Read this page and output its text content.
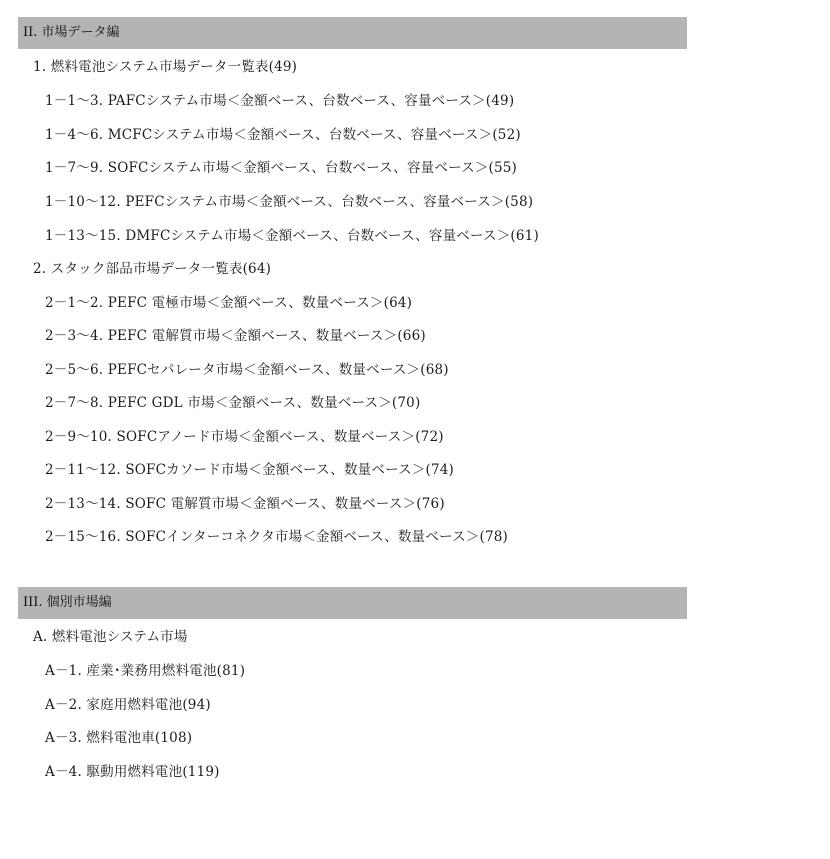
II. 市場データ編
1. 燃料電池システム市場データ一覧表(49)
1－1～3. PAFCシステム市場＜金額ベース、台数ベース、容量ベース＞(49)
1－4～6. MCFCシステム市場＜金額ベース、台数ベース、容量ベース＞(52)
1－7～9. SOFCシステム市場＜金額ベース、台数ベース、容量ベース＞(55)
1－10～12. PEFCシステム市場＜金額ベース、台数ベース、容量ベース＞(58)
1－13～15. DMFCシステム市場＜金額ベース、台数ベース、容量ベース＞(61)
2. スタック部品市場データ一覧表(64)
2－1～2. PEFC 電極市場＜金額ベース、数量ベース＞(64)
2－3～4. PEFC 電解質市場＜金額ベース、数量ベース＞(66)
2－5～6. PEFCセパレータ市場＜金額ベース、数量ベース＞(68)
2－7～8. PEFC GDL 市場＜金額ベース、数量ベース＞(70)
2－9～10. SOFCアノード市場＜金額ベース、数量ベース＞(72)
2－11～12. SOFCカソード市場＜金額ベース、数量ベース＞(74)
2－13～14. SOFC 電解質市場＜金額ベース、数量ベース＞(76)
2－15～16. SOFCインターコネクタ市場＜金額ベース、数量ベース＞(78)
III. 個別市場編
A. 燃料電池システム市場
A－1. 産業･業務用燃料電池(81)
A－2. 家庭用燃料電池(94)
A－3. 燃料電池車(108)
A－4. 駆動用燃料電池(119)
